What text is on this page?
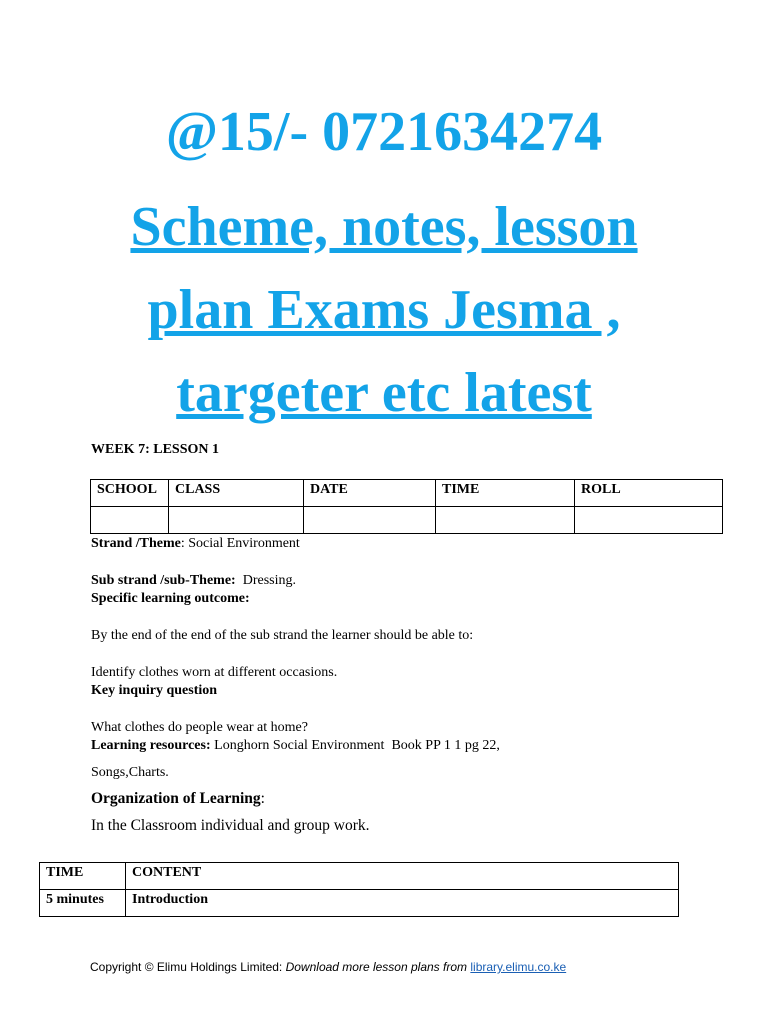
@15/- 0721634274
Scheme, notes, lesson
plan Exams Jesma ,
targeter etc latest
WEEK 7: LESSON 1
SCHOOL	CLASS	DATE	TIME	ROLL

Strand /Theme: Social Environment
Sub strand /sub-Theme:  Dressing.
Specific learning outcome:
By the end of the end of the sub strand the learner should be able to:
Identify clothes worn at different occasions.
Key inquiry question
What clothes do people wear at home?
Learning resources: Longhorn Social Environment  Book PP 1 1 pg 22,
Songs,Charts.
Organization of Learning:
In the Classroom individual and group work.
TIME	CONTENT
5 minutes	Introduction
Copyright © Elimu Holdings Limited: Download more lesson plans from library.elimu.co.ke
